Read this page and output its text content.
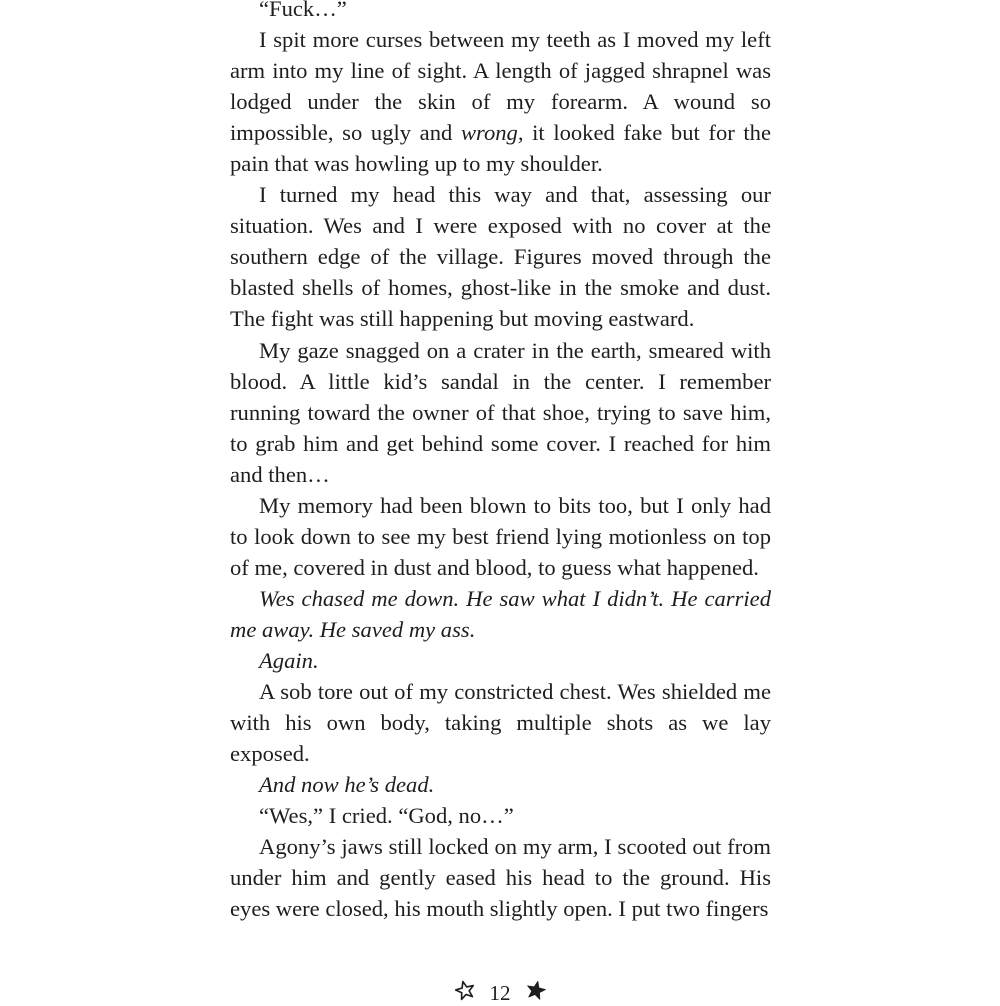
“Fuck…”

I spit more curses between my teeth as I moved my left arm into my line of sight. A length of jagged shrapnel was lodged under the skin of my forearm. A wound so impossible, so ugly and wrong, it looked fake but for the pain that was howling up to my shoulder.

I turned my head this way and that, assessing our situation. Wes and I were exposed with no cover at the southern edge of the village. Figures moved through the blasted shells of homes, ghost-like in the smoke and dust. The fight was still happening but moving eastward.

My gaze snagged on a crater in the earth, smeared with blood. A little kid’s sandal in the center. I remember running toward the owner of that shoe, trying to save him, to grab him and get behind some cover. I reached for him and then…

My memory had been blown to bits too, but I only had to look down to see my best friend lying motionless on top of me, covered in dust and blood, to guess what happened.

Wes chased me down. He saw what I didn’t. He carried me away. He saved my ass.

Again.

A sob tore out of my constricted chest. Wes shielded me with his own body, taking multiple shots as we lay exposed.

And now he’s dead.

“Wes,” I cried. “God, no…”

Agony’s jaws still locked on my arm, I scooted out from under him and gently eased his head to the ground. His eyes were closed, his mouth slightly open. I put two fingers

12
